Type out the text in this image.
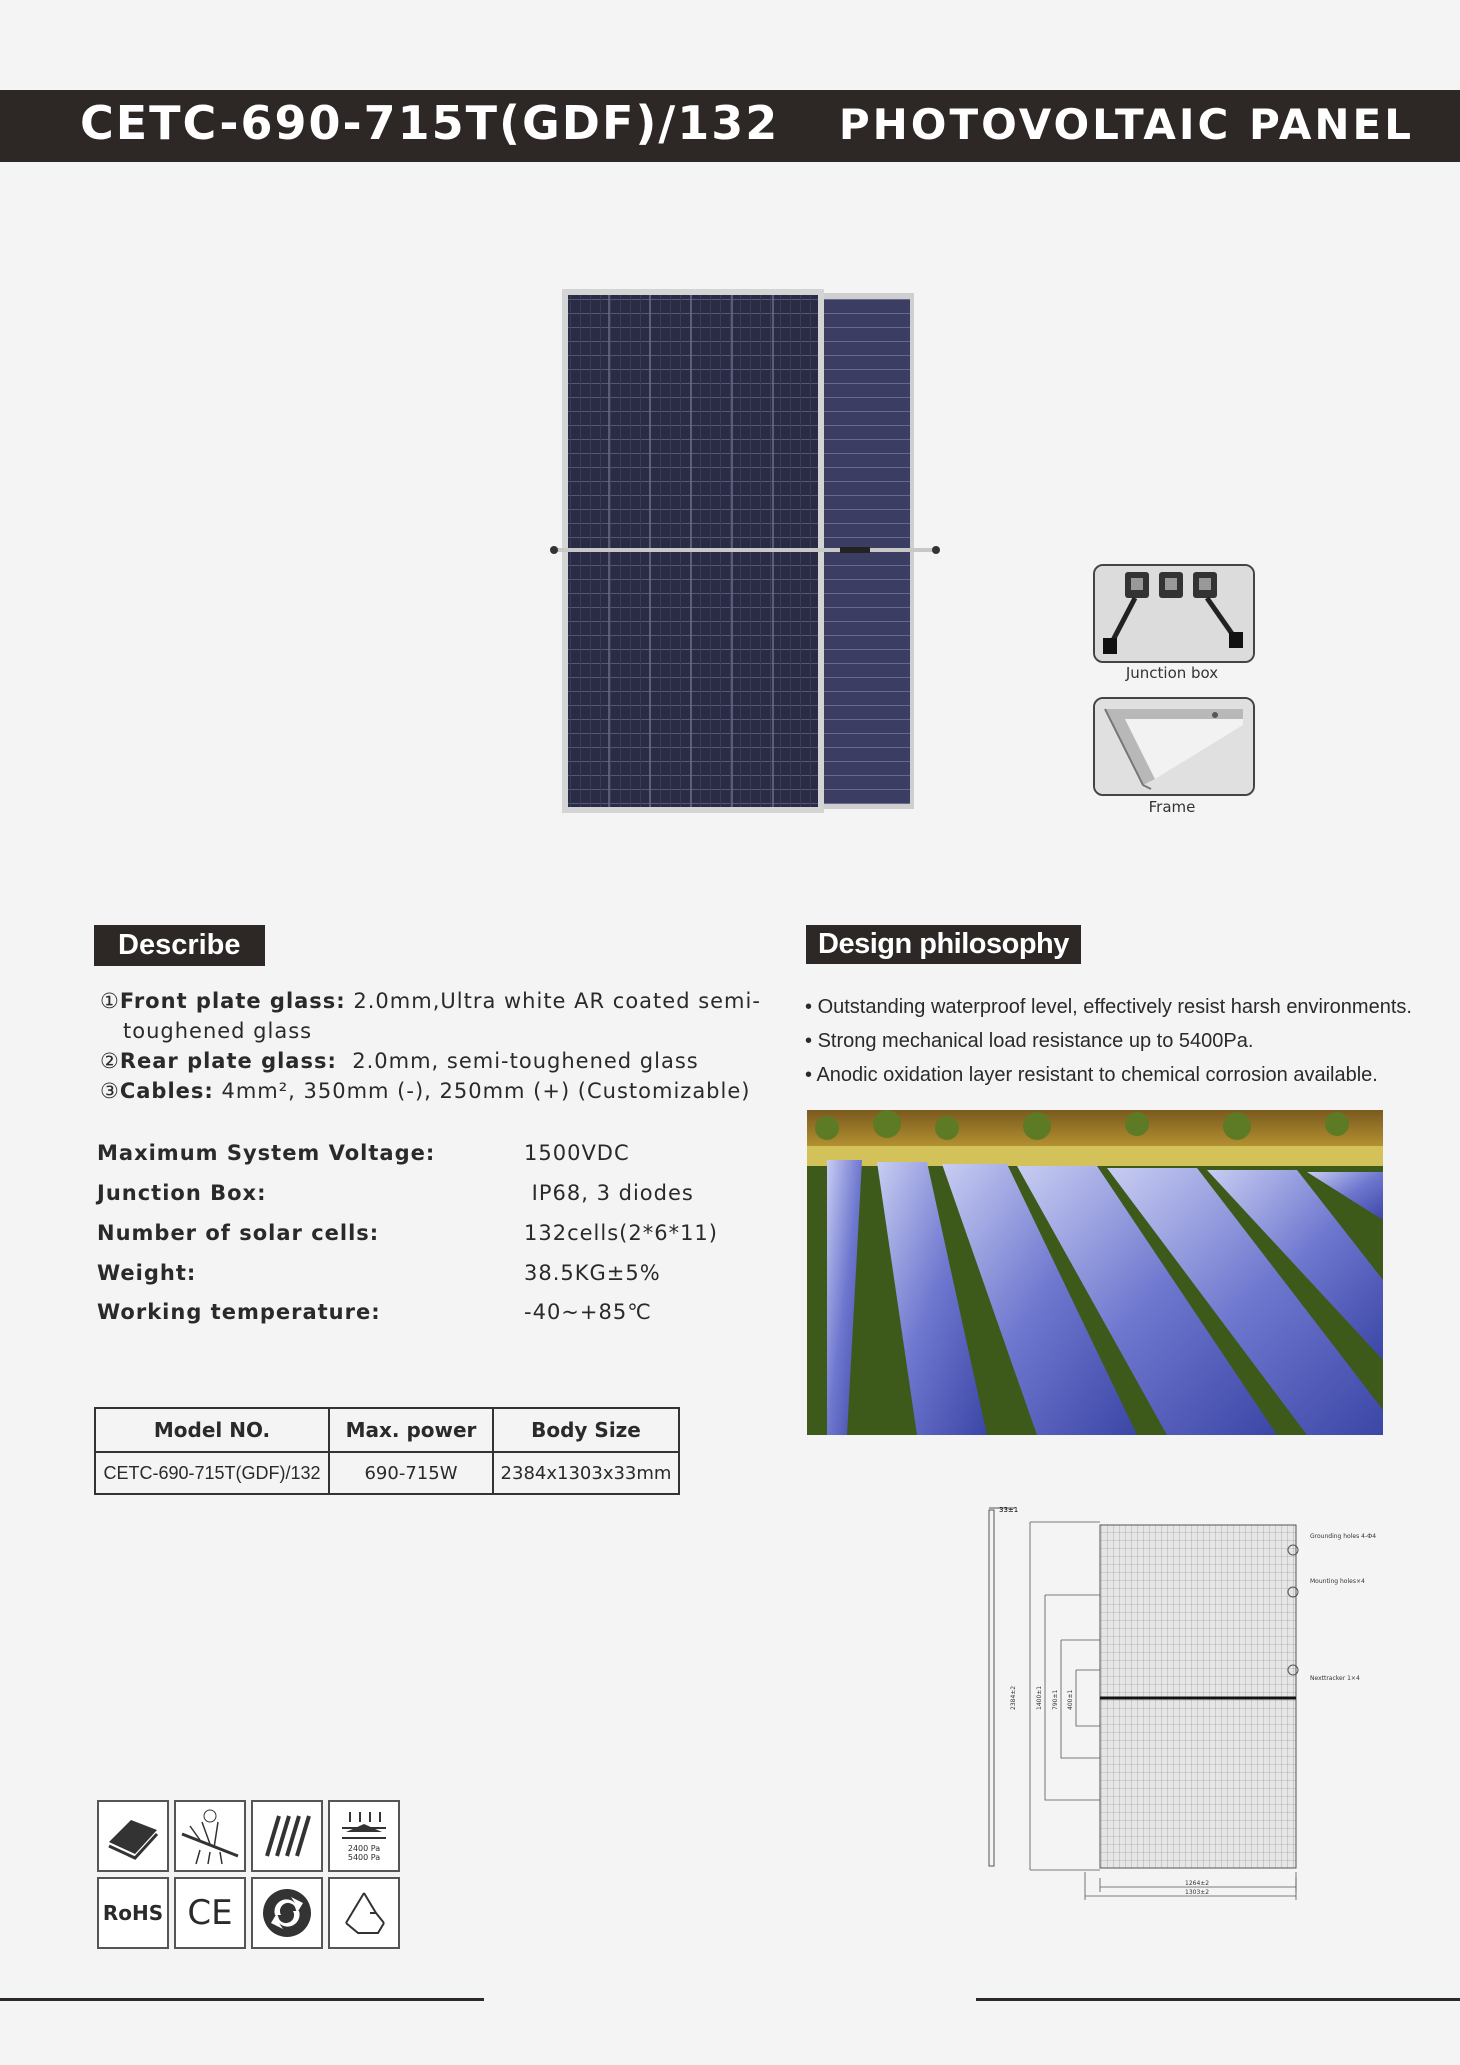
CETC-690-715T(GDF)/132 PHOTOVOLTAIC PANEL
Junction box
Frame
Describe
①Front plate glass: 2.0mm,Ultra white AR coated semi-
toughened glass
②Rear plate glass:  2.0mm, semi-toughened glass
③Cables: 4mm², 350mm (-), 250mm (+) (Customizable)
Maximum System Voltage:	1500VDC
Junction Box:	IP68, 3 diodes
Number of solar cells:	132cells(2*6*11)
Weight:	38.5KG±5%
Working temperature:	-40~+85℃
Model NO.	Max. power	Body Size
CETC-690-715T(GDF)/132	690-715W	2384x1303x33mm
Design philosophy
• Outstanding waterproof level, effectively resist harsh environments.
• Strong mechanical load resistance up to 5400Pa.
• Anodic oxidation layer resistant to chemical corrosion available.
33±1
2384±2	1400±1 790±1 400±1
1264±2
1303±2
Grounding holes 4-Ф4
Mounting holes×4
Nexttracker 1×4
2400 Pa
5400 Pa
RoHS CE
